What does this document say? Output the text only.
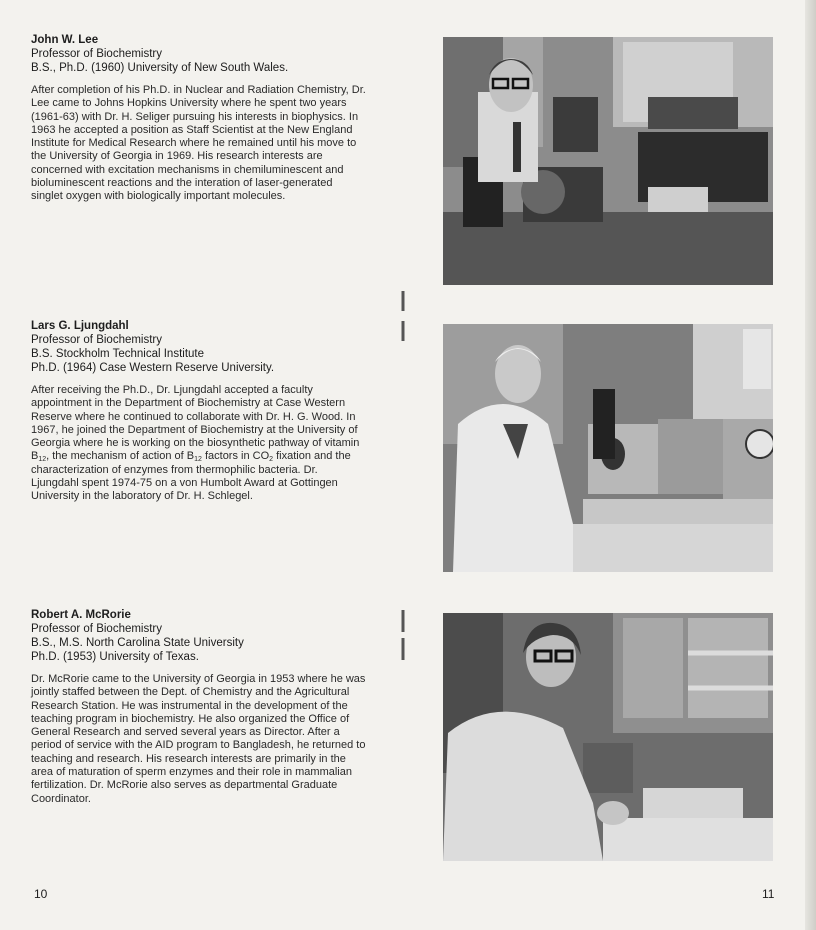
John W. Lee

Professor of Biochemistry

B.S., Ph.D. (1960) University of New South Wales.

After completion of his Ph.D. in Nuclear and Radiation Chemistry, Dr. Lee came to Johns Hopkins University where he spent two years (1961-63) with Dr. H. Seliger pursuing his interests in biophysics. In 1963 he accepted a position as Staff Scientist at the New England Institute for Medical Research where he remained until his move to the University of Georgia in 1969. His research interests are concerned with excitation mechanisms in chemiluminescent and bioluminescent reactions and the interation of laser-generated singlet oxygen with biologically important molecules.

Lars G. Ljungdahl

Professor of Biochemistry

B.S. Stockholm Technical Institute

Ph.D. (1964) Case Western Reserve University.

After receiving the Ph.D., Dr. Ljungdahl accepted a faculty appointment in the Department of Biochemistry at Case Western Reserve where he continued to collaborate with Dr. H. G. Wood. In 1967, he joined the Department of Biochemistry at the University of Georgia where he is working on the biosynthetic pathway of vitamin $B_{12}$, the mechanism of action of $B_{12}$ factors in $CO_2$ fixation and the characterization of enzymes from thermophilic bacteria. Dr. Ljungdahl spent 1974-75 on a von Humbolt Award at Gottingen University in the laboratory of Dr. H. Schlegel.

Robert A. McRorie

Professor of Biochemistry

B.S., M.S. North Carolina State University

Ph.D. (1953) University of Texas.

Dr. McRorie came to the University of Georgia in 1953 where he was jointly staffed between the Dept. of Chemistry and the Agricultural Research Station. He was instrumental in the development of the teaching program in biochemistry. He also organized the Office of General Research and served several years as Director. After a period of service with the AID program to Bangladesh, he returned to teaching and research. His research interests are primarily in the area of maturation of sperm enzymes and their role in mammalian fertilization. Dr. McRorie also serves as departmental Graduate Coordinator.

10	11
